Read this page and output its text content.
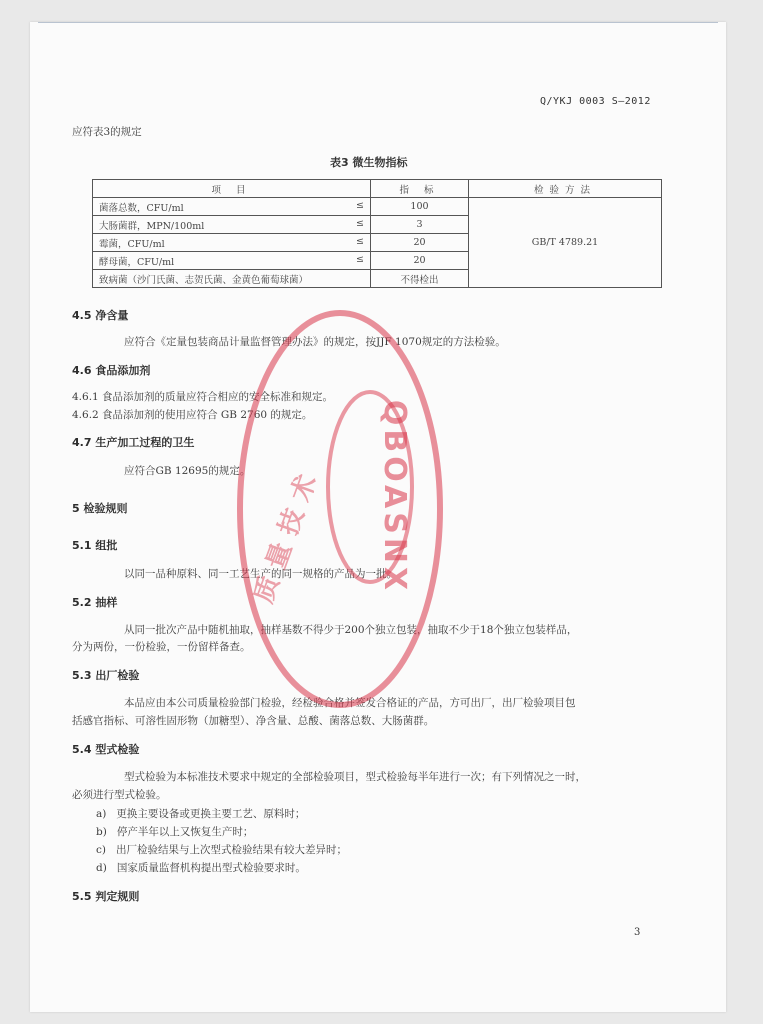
Q/YKJ 0003 S—2012
应符表3的规定
表3 微生物指标
项 目	指 标	检验方法
菌落总数，CFU/ml ≤	100	GB/T 4789.21
大肠菌群，MPN/100ml ≤	3	
霉菌，CFU/ml ≤	20	
酵母菌，CFU/ml ≤	20	
致病菌（沙门氏菌、志贺氏菌、金黄色葡萄球菌）	不得检出	
4.5 净含量
应符合《定量包装商品计量监督管理办法》的规定，按JJF 1070规定的方法检验。
4.6 食品添加剂
4.6.1 食品添加剂的质量应符合相应的安全标准和规定。
4.6.2 食品添加剂的使用应符合 GB 2760 的规定。
4.7 生产加工过程的卫生
应符合GB 12695的规定。
5 检验规则
5.1 组批
以同一品种原料、同一工艺生产的同一规格的产品为一批。
5.2 抽样
从同一批次产品中随机抽取，抽样基数不得少于200个独立包装，抽取不少于18个独立包装样品，
分为两份，一份检验，一份留样备查。
5.3 出厂检验
本品应由本公司质量检验部门检验，经检验合格并签发合格证的产品，方可出厂，出厂检验项目包
括感官指标、可溶性固形物（加糖型）、净含量、总酸、菌落总数、大肠菌群。
5.4 型式检验
型式检验为本标准技术要求中规定的全部检验项目，型式检验每半年进行一次；有下列情况之一时，
必须进行型式检验。
a) 更换主要设备或更换主要工艺、原料时；
b) 停产半年以上又恢复生产时；
c) 出厂检验结果与上次型式检验结果有较大差异时；
d) 国家质量监督机构提出型式检验要求时。
5.5 判定规则
3
QBOASNX
质量技术
